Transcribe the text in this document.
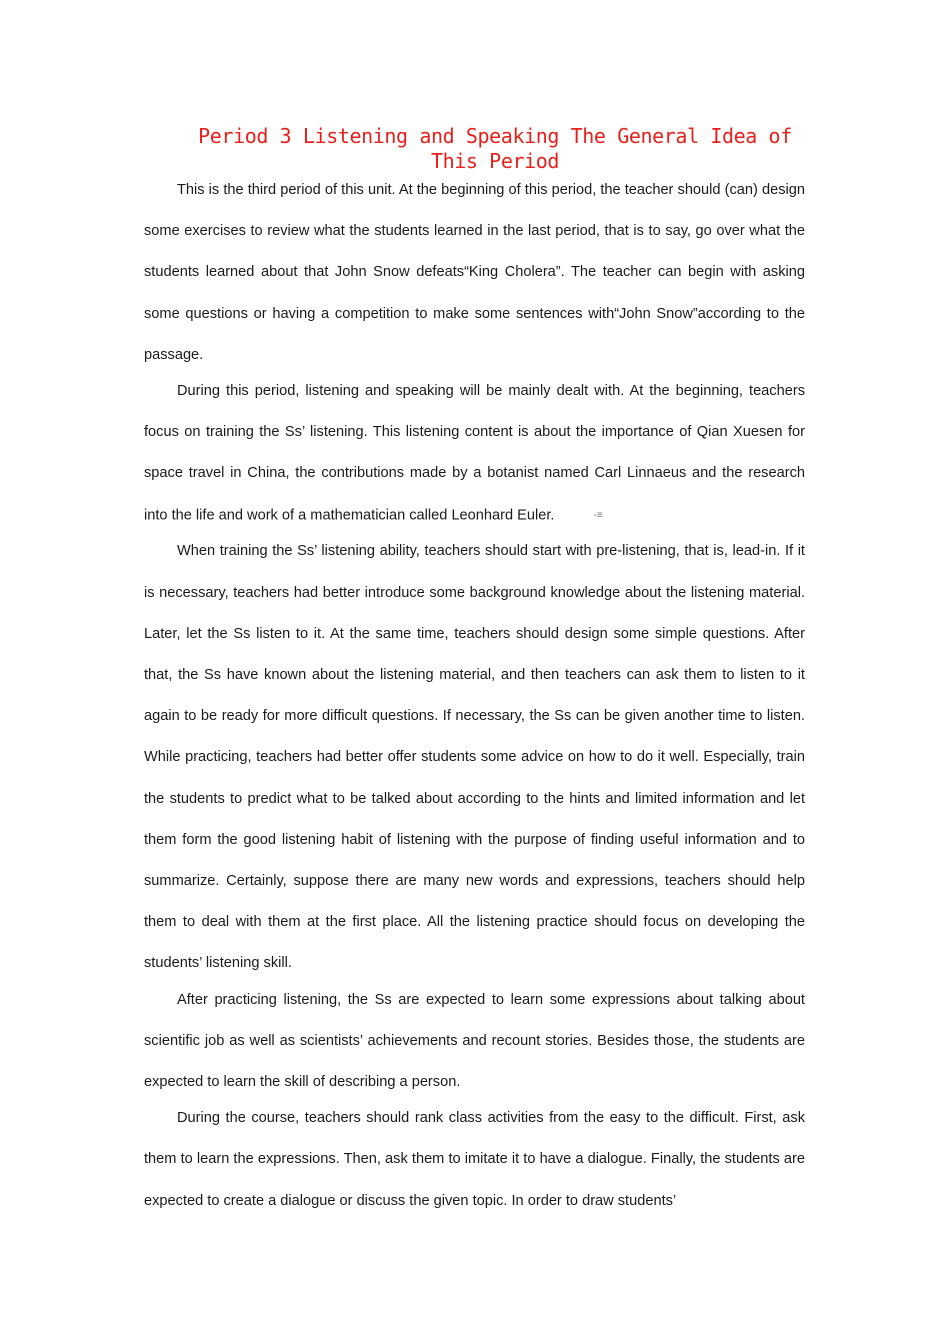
Period 3 Listening and Speaking The General Idea of This Period

This is the third period of this unit. At the beginning of this period, the teacher should (can) design some exercises to review what the students learned in the last period, that is to say, go over what the students learned about that John Snow defeats“King Cholera”. The teacher can begin with asking some questions or having a competition to make some sentences with“John Snow”according to the passage.

During this period, listening and speaking will be mainly dealt with. At the beginning, teachers focus on training the Ss’ listening. This listening content is about the importance of Qian Xuesen for space travel in China, the contributions made by a botanist named Carl Linnaeus and the research into the life and work of a mathematician called Leonhard Euler.	-≡

When training the Ss’ listening ability, teachers should start with pre-listening, that is, lead-in. If it is necessary, teachers had better introduce some background knowledge about the listening material. Later, let the Ss listen to it. At the same time, teachers should design some simple questions. After that, the Ss have known about the listening material, and then teachers can ask them to listen to it again to be ready for more difficult questions. If necessary, the Ss can be given another time to listen. While practicing, teachers had better offer students some advice on how to do it well. Especially, train the students to predict what to be talked about according to the hints and limited information and let them form the good listening habit of listening with the purpose of finding useful information and to summarize. Certainly, suppose there are many new words and expressions, teachers should help them to deal with them at the first place. All the listening practice should focus on developing the students’ listening skill.

After practicing listening, the Ss are expected to learn some expressions about talking about scientific job as well as scientists’ achievements and recount stories. Besides those, the students are expected to learn the skill of describing a person.

During the course, teachers should rank class activities from the easy to the difficult. First, ask them to learn the expressions. Then, ask them to imitate it to have a dialogue. Finally, the students are expected to create a dialogue or discuss the given topic. In order to draw students’
